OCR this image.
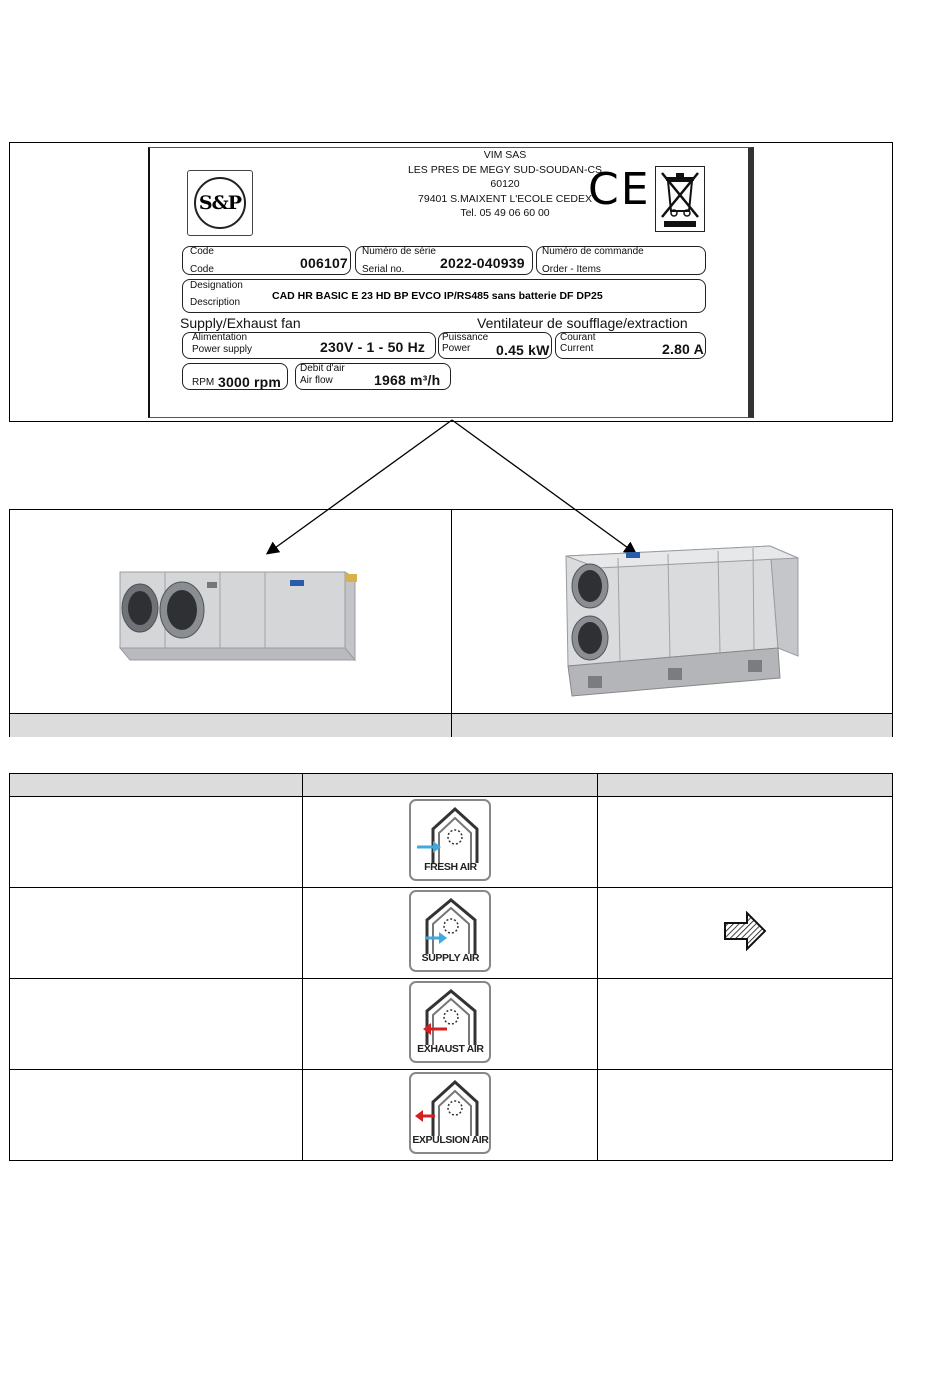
S&P
VIM SAS
LES PRES DE MEGY SUD-SOUDAN-CS
60120
79401 S.MAIXENT L'ECOLE CEDEX
Tel. 05 49 06 60 00 CE
Code
Code	006107
Numéro de série
Serial no.	2022-040939
Numéro de commande
Order - Items
Designation
Description
CAD HR BASIC E 23 HD BP EVCO IP/RS485 sans batterie DF DP25
Supply/Exhaust fan	Ventilateur de soufflage/extraction
Alimentation
Power supply	230V - 1 - 50 Hz
Puissance
Power 0.45 kW
Courant
Current	2.80 A
RPM 3000 rpm
Debit d'air
Air flow	1968 m³/h

	FRESH AIR	

	SUPPLY AIR

	EXHAUST AIR	

	EXPULSION AIR	
